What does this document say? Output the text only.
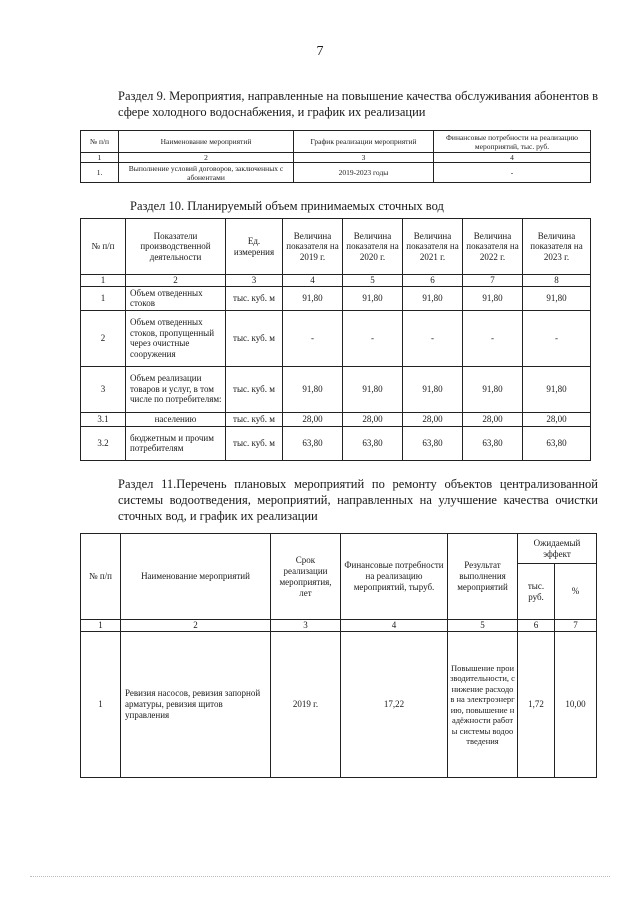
7
Раздел 9. Мероприятия, направленные на повышение качества обслуживания абонентов в сфере холодного водоснабжения, и график их реализации
№ п/п	Наименование мероприятий	График реализации мероприятий	Финансовые потребности на реализацию мероприятий, тыс. руб.
1	2	3	4
1.	Выполнение условий договоров, заключенных с абонентами	2019-2023 годы	-
Раздел 10. Планируемый объем принимаемых сточных вод
№ п/п	Показатели производственной деятельности	Ед. измерения	Величина показателя на 2019 г.	Величина показателя на 2020 г.	Величина показателя на 2021 г.	Величина показателя на 2022 г.	Величина показателя на 2023 г.
1	2	3	4	5	6	7	8
1	Объем отведенных стоков	тыс. куб. м	91,80	91,80	91,80	91,80	91,80
2	Объем отведенных стоков, пропущенный через очистные сооружения	тыс. куб. м	-	-	-	-	-
3	Объем реализации товаров и услуг, в том числе по потребителям:	тыс. куб. м	91,80	91,80	91,80	91,80	91,80
3.1	населению	тыс. куб. м	28,00	28,00	28,00	28,00	28,00
3.2	бюджетным и прочим потребителям	тыс. куб. м	63,80	63,80	63,80	63,80	63,80
Раздел 11.Перечень плановых мероприятий по ремонту объектов централизованной системы водоотведения, мероприятий, направленных на улучшение качества очистки сточных вод, и график их реализации
№ п/п	Наименование мероприятий	Срок реализации мероприятия, лет	Финансовые потребности на реализацию мероприятий, тыруб.	Результат выполнения мероприятий	Ожидаемый эффект	
					тыс. руб.	%
1	2	3	4	5	6	7
1	Ревизия насосов, ревизия запорной арматуры, ревизия щитов управления	2019 г.	17,22	Повышение производительности, снижение расходов на электроэнергию, повышение надёжности работы системы водоотведения	1,72	10,00
